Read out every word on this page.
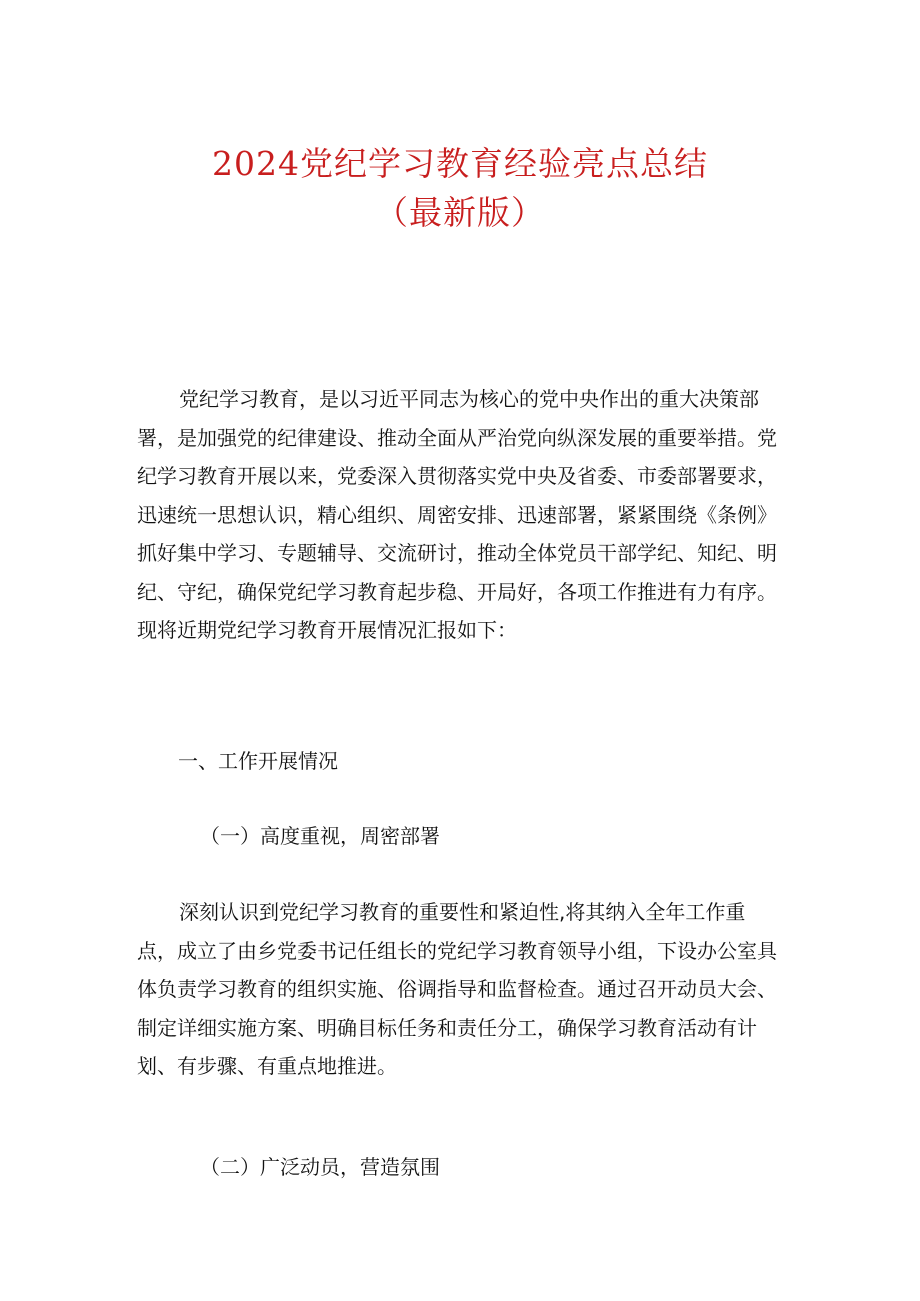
2024党纪学习教育经验亮点总结
（最新版）

党纪学习教育，是以习近平同志为核心的党中央作出的重大决策部署，是加强党的纪律建设、推动全面从严治党向纵深发展的重要举措。党纪学习教育开展以来，党委深入贯彻落实党中央及省委、市委部署要求，迅速统一思想认识，精心组织、周密安排、迅速部署，紧紧围绕《条例》抓好集中学习、专题辅导、交流研讨，推动全体党员干部学纪、知纪、明纪、守纪，确保党纪学习教育起步稳、开局好，各项工作推进有力有序。现将近期党纪学习教育开展情况汇报如下：

一、工作开展情况

（一）高度重视，周密部署

深刻认识到党纪学习教育的重要性和紧迫性,将其纳入全年工作重点，成立了由乡党委书记任组长的党纪学习教育领导小组，下设办公室具体负责学习教育的组织实施、俗调指导和监督检查。通过召开动员大会、制定详细实施方案、明确目标任务和责任分工，确保学习教育活动有计划、有步骤、有重点地推进。

（二）广泛动员，营造氛围
